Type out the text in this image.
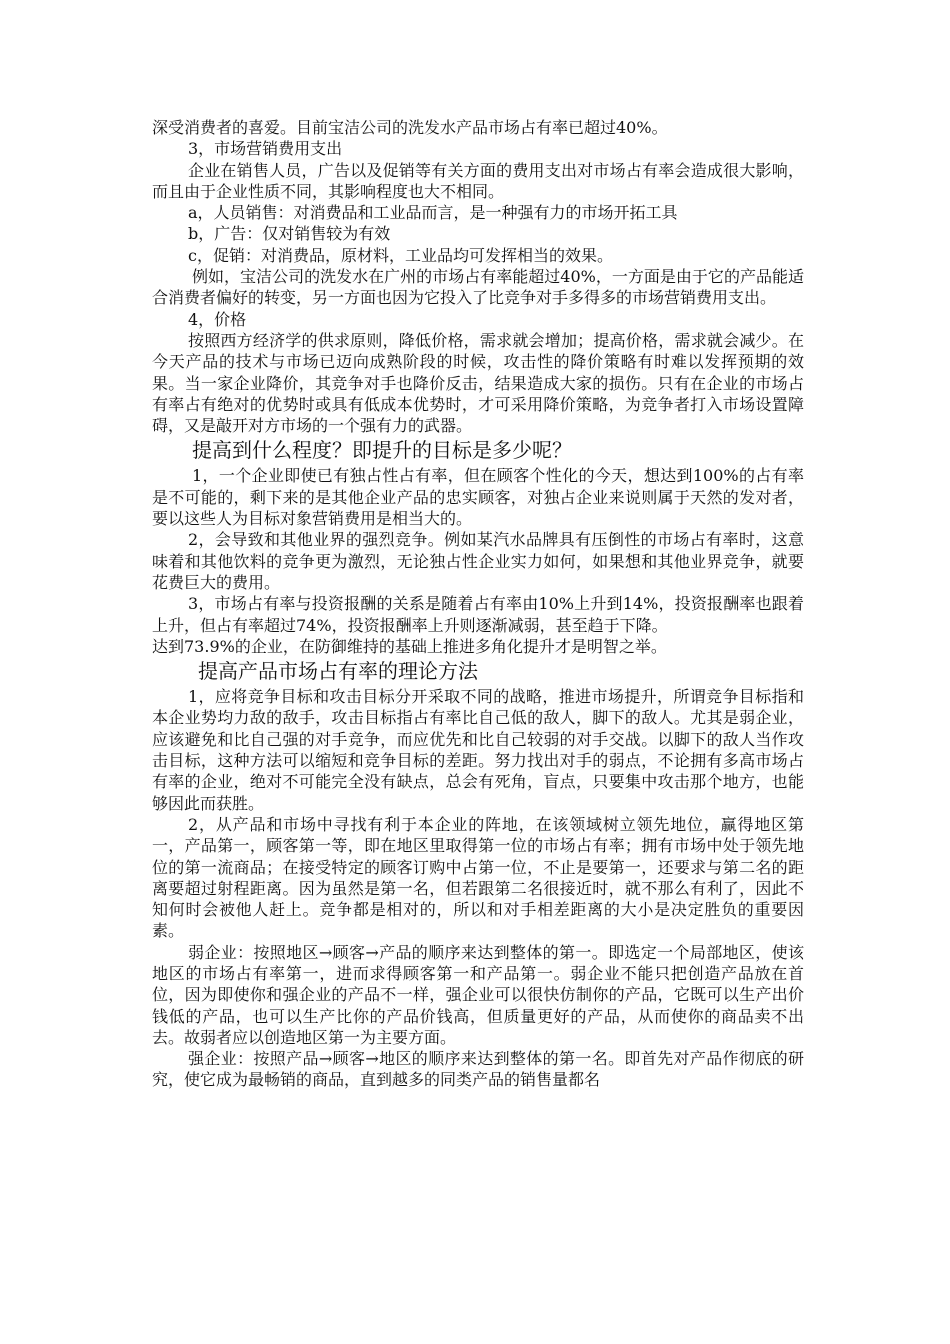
深受消费者的喜爱。目前宝洁公司的洗发水产品市场占有率已超过40%。

3，市场营销费用支出

企业在销售人员，广告以及促销等有关方面的费用支出对市场占有率会造成很大影响，而且由于企业性质不同，其影响程度也大不相同。

a，人员销售：对消费品和工业品而言，是一种强有力的市场开拓工具

b，广告：仅对销售较为有效

c，促销：对消费品，原材料，工业品均可发挥相当的效果。

例如，宝洁公司的洗发水在广州的市场占有率能超过40%，一方面是由于它的产品能适合消费者偏好的转变，另一方面也因为它投入了比竞争对手多得多的市场营销费用支出。

4，价格

按照西方经济学的供求原则，降低价格，需求就会增加；提高价格，需求就会减少。在今天产品的技术与市场已迈向成熟阶段的时候，攻击性的降价策略有时难以发挥预期的效果。当一家企业降价，其竞争对手也降价反击，结果造成大家的损伤。只有在企业的市场占有率占有绝对的优势时或具有低成本优势时，才可采用降价策略，为竞争者打入市场设置障碍，又是敲开对方市场的一个强有力的武器。

提高到什么程度？即提升的目标是多少呢？

1，一个企业即使已有独占性占有率，但在顾客个性化的今天，想达到100%的占有率是不可能的，剩下来的是其他企业产品的忠实顾客，对独占企业来说则属于天然的发对者，要以这些人为目标对象营销费用是相当大的。

2，会导致和其他业界的强烈竞争。例如某汽水品牌具有压倒性的市场占有率时，这意味着和其他饮料的竞争更为激烈，无论独占性企业实力如何，如果想和其他业界竞争，就要花费巨大的费用。

3，市场占有率与投资报酬的关系是随着占有率由10%上升到14%，投资报酬率也跟着上升，但占有率超过74%，投资报酬率上升则逐渐减弱，甚至趋于下降。

达到73.9%的企业，在防御维持的基础上推进多角化提升才是明智之举。

提高产品市场占有率的理论方法

1，应将竞争目标和攻击目标分开采取不同的战略，推进市场提升，所谓竞争目标指和本企业势均力敌的敌手，攻击目标指占有率比自己低的敌人，脚下的敌人。尤其是弱企业，应该避免和比自己强的对手竞争，而应优先和比自己较弱的对手交战。以脚下的敌人当作攻击目标，这种方法可以缩短和竞争目标的差距。努力找出对手的弱点，不论拥有多高市场占有率的企业，绝对不可能完全没有缺点，总会有死角，盲点，只要集中攻击那个地方，也能够因此而获胜。

2，从产品和市场中寻找有利于本企业的阵地，在该领域树立领先地位，赢得地区第一，产品第一，顾客第一等，即在地区里取得第一位的市场占有率；拥有市场中处于领先地位的第一流商品；在接受特定的顾客订购中占第一位，不止是要第一，还要求与第二名的距离要超过射程距离。因为虽然是第一名，但若跟第二名很接近时，就不那么有利了，因此不知何时会被他人赶上。竞争都是相对的，所以和对手相差距离的大小是决定胜负的重要因素。

弱企业：按照地区→顾客→产品的顺序来达到整体的第一。即选定一个局部地区，使该地区的市场占有率第一，进而求得顾客第一和产品第一。弱企业不能只把创造产品放在首位，因为即使你和强企业的产品不一样，强企业可以很快仿制你的产品，它既可以生产出价钱低的产品，也可以生产比你的产品价钱高，但质量更好的产品，从而使你的商品卖不出去。故弱者应以创造地区第一为主要方面。

强企业：按照产品→顾客→地区的顺序来达到整体的第一名。即首先对产品作彻底的研究，使它成为最畅销的商品，直到越多的同类产品的销售量都名
